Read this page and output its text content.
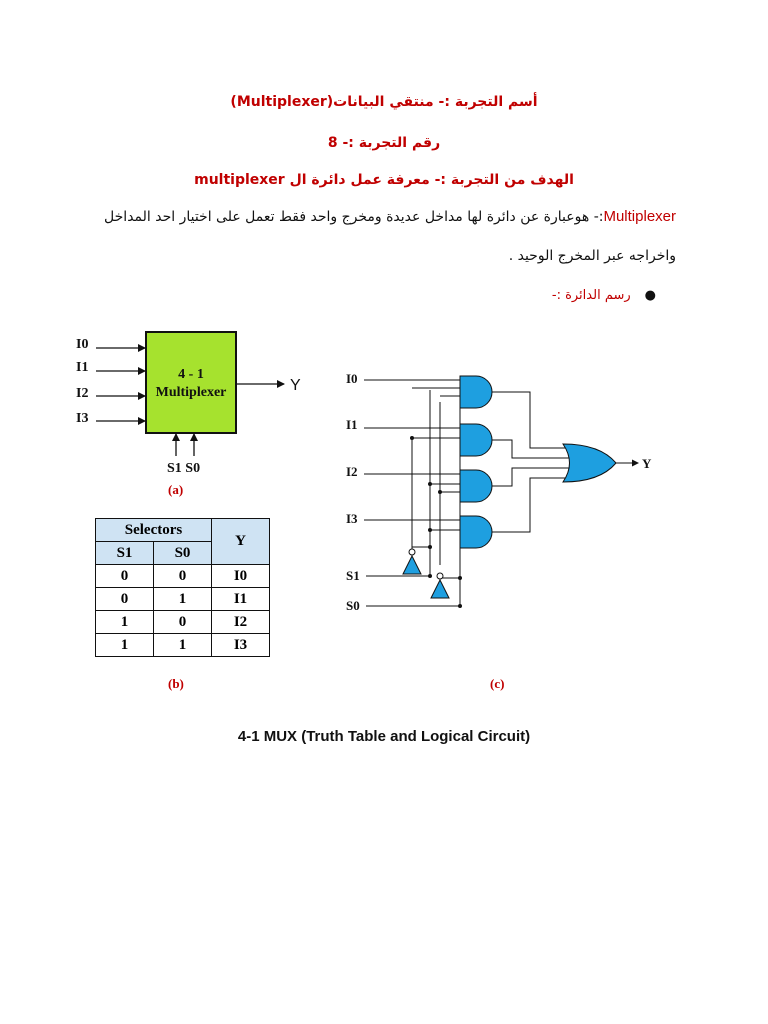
أسم التجربة :- منتقي البيانات(Multiplexer)
رقم التجربة :- 8
الهدف من التجربة :- معرفة عمل دائرة ال multiplexer
Multiplexer:- هوعبارة عن دائرة لها مداخل عديدة ومخرج واحد فقط تعمل على اختيار احد المداخل
واخراجه عبر المخرج الوحيد .
●رسم الدائرة :-
4 - 1
Multiplexer
I0
I1
I2
I3
Y
S1 S0
(a)
I0
I1
I2
I3
S1
S0
Y
Selectors		Y
S1	S0	
0	0	I0
0	1	I1
1	0	I2
1	1	I3
(b)	(c)
4-1 MUX (Truth Table and Logical Circuit)
